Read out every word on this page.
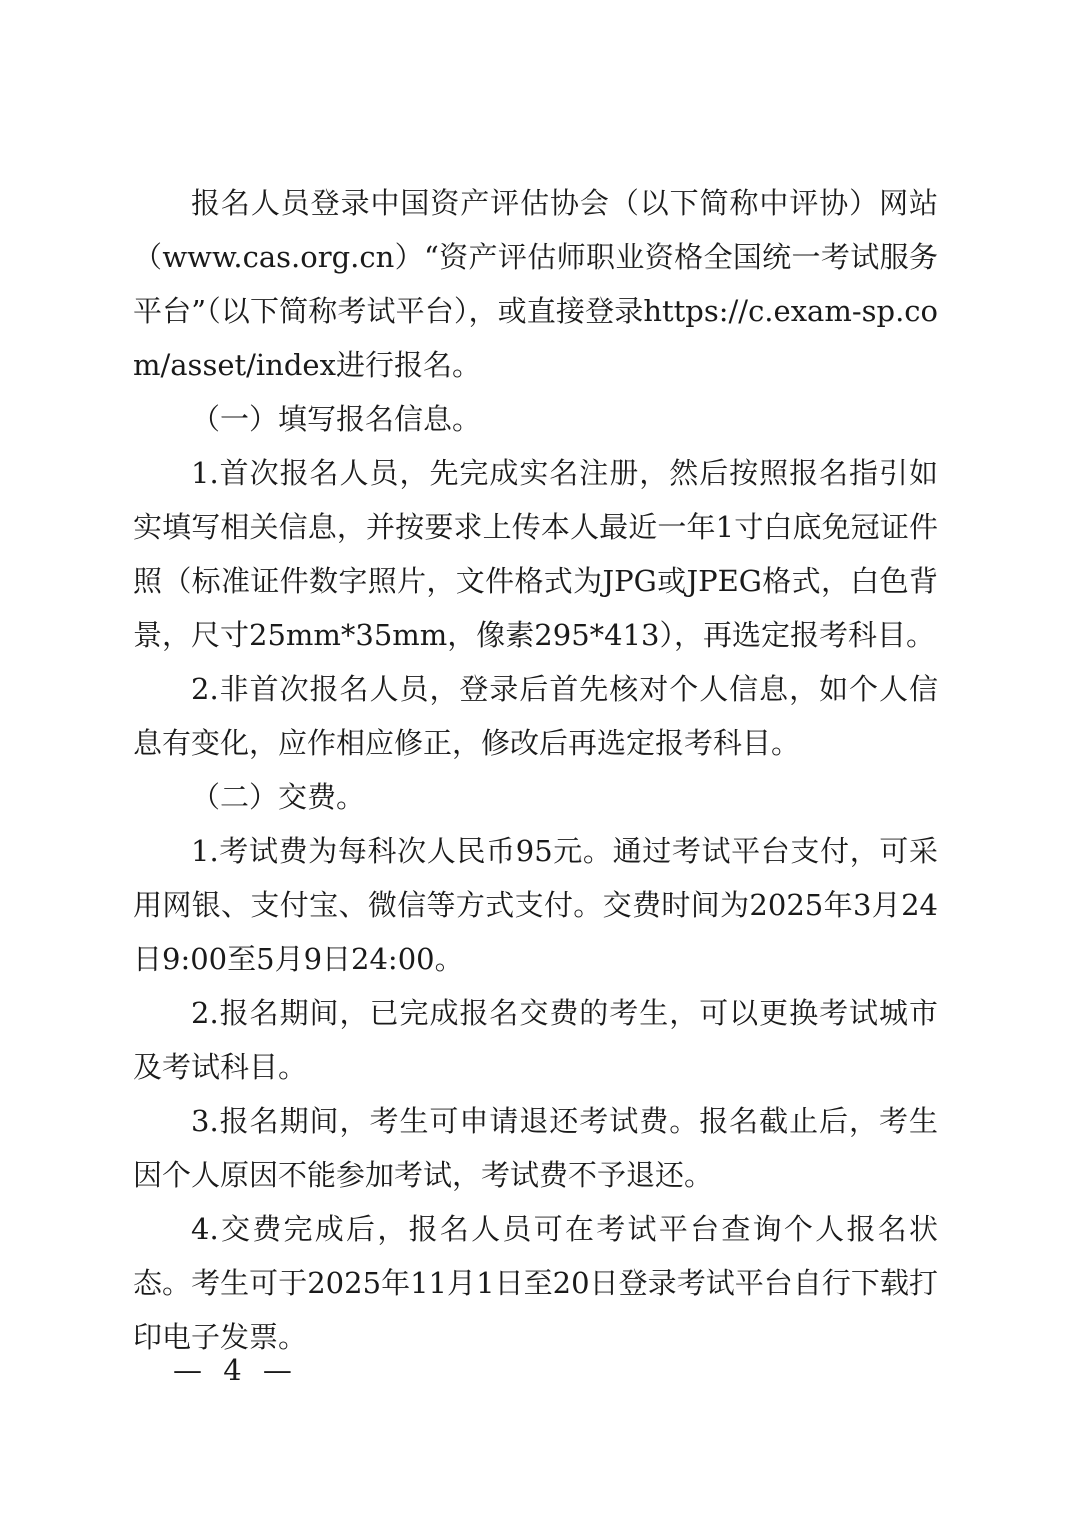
报名人员登录中国资产评估协会（以下简称中评协）网站（www.cas.org.cn）“资产评估师职业资格全国统一考试服务平台”（以下简称考试平台），或直接登录https://c.exam-sp.com/asset/index进行报名。

（一）填写报名信息。

1.首次报名人员，先完成实名注册，然后按照报名指引如实填写相关信息，并按要求上传本人最近一年1寸白底免冠证件照（标准证件数字照片，文件格式为JPG或JPEG格式，白色背景，尺寸25mm*35mm，像素295*413），再选定报考科目。

2.非首次报名人员，登录后首先核对个人信息，如个人信息有变化，应作相应修正，修改后再选定报考科目。

（二）交费。

1.考试费为每科次人民币95元。通过考试平台支付，可采用网银、支付宝、微信等方式支付。交费时间为2025年3月24日9:00至5月9日24:00。

2.报名期间，已完成报名交费的考生，可以更换考试城市及考试科目。

3.报名期间，考生可申请退还考试费。报名截止后，考生因个人原因不能参加考试，考试费不予退还。

4.交费完成后，报名人员可在考试平台查询个人报名状态。考生可于2025年11月1日至20日登录考试平台自行下载打印电子发票。

— 4 —
